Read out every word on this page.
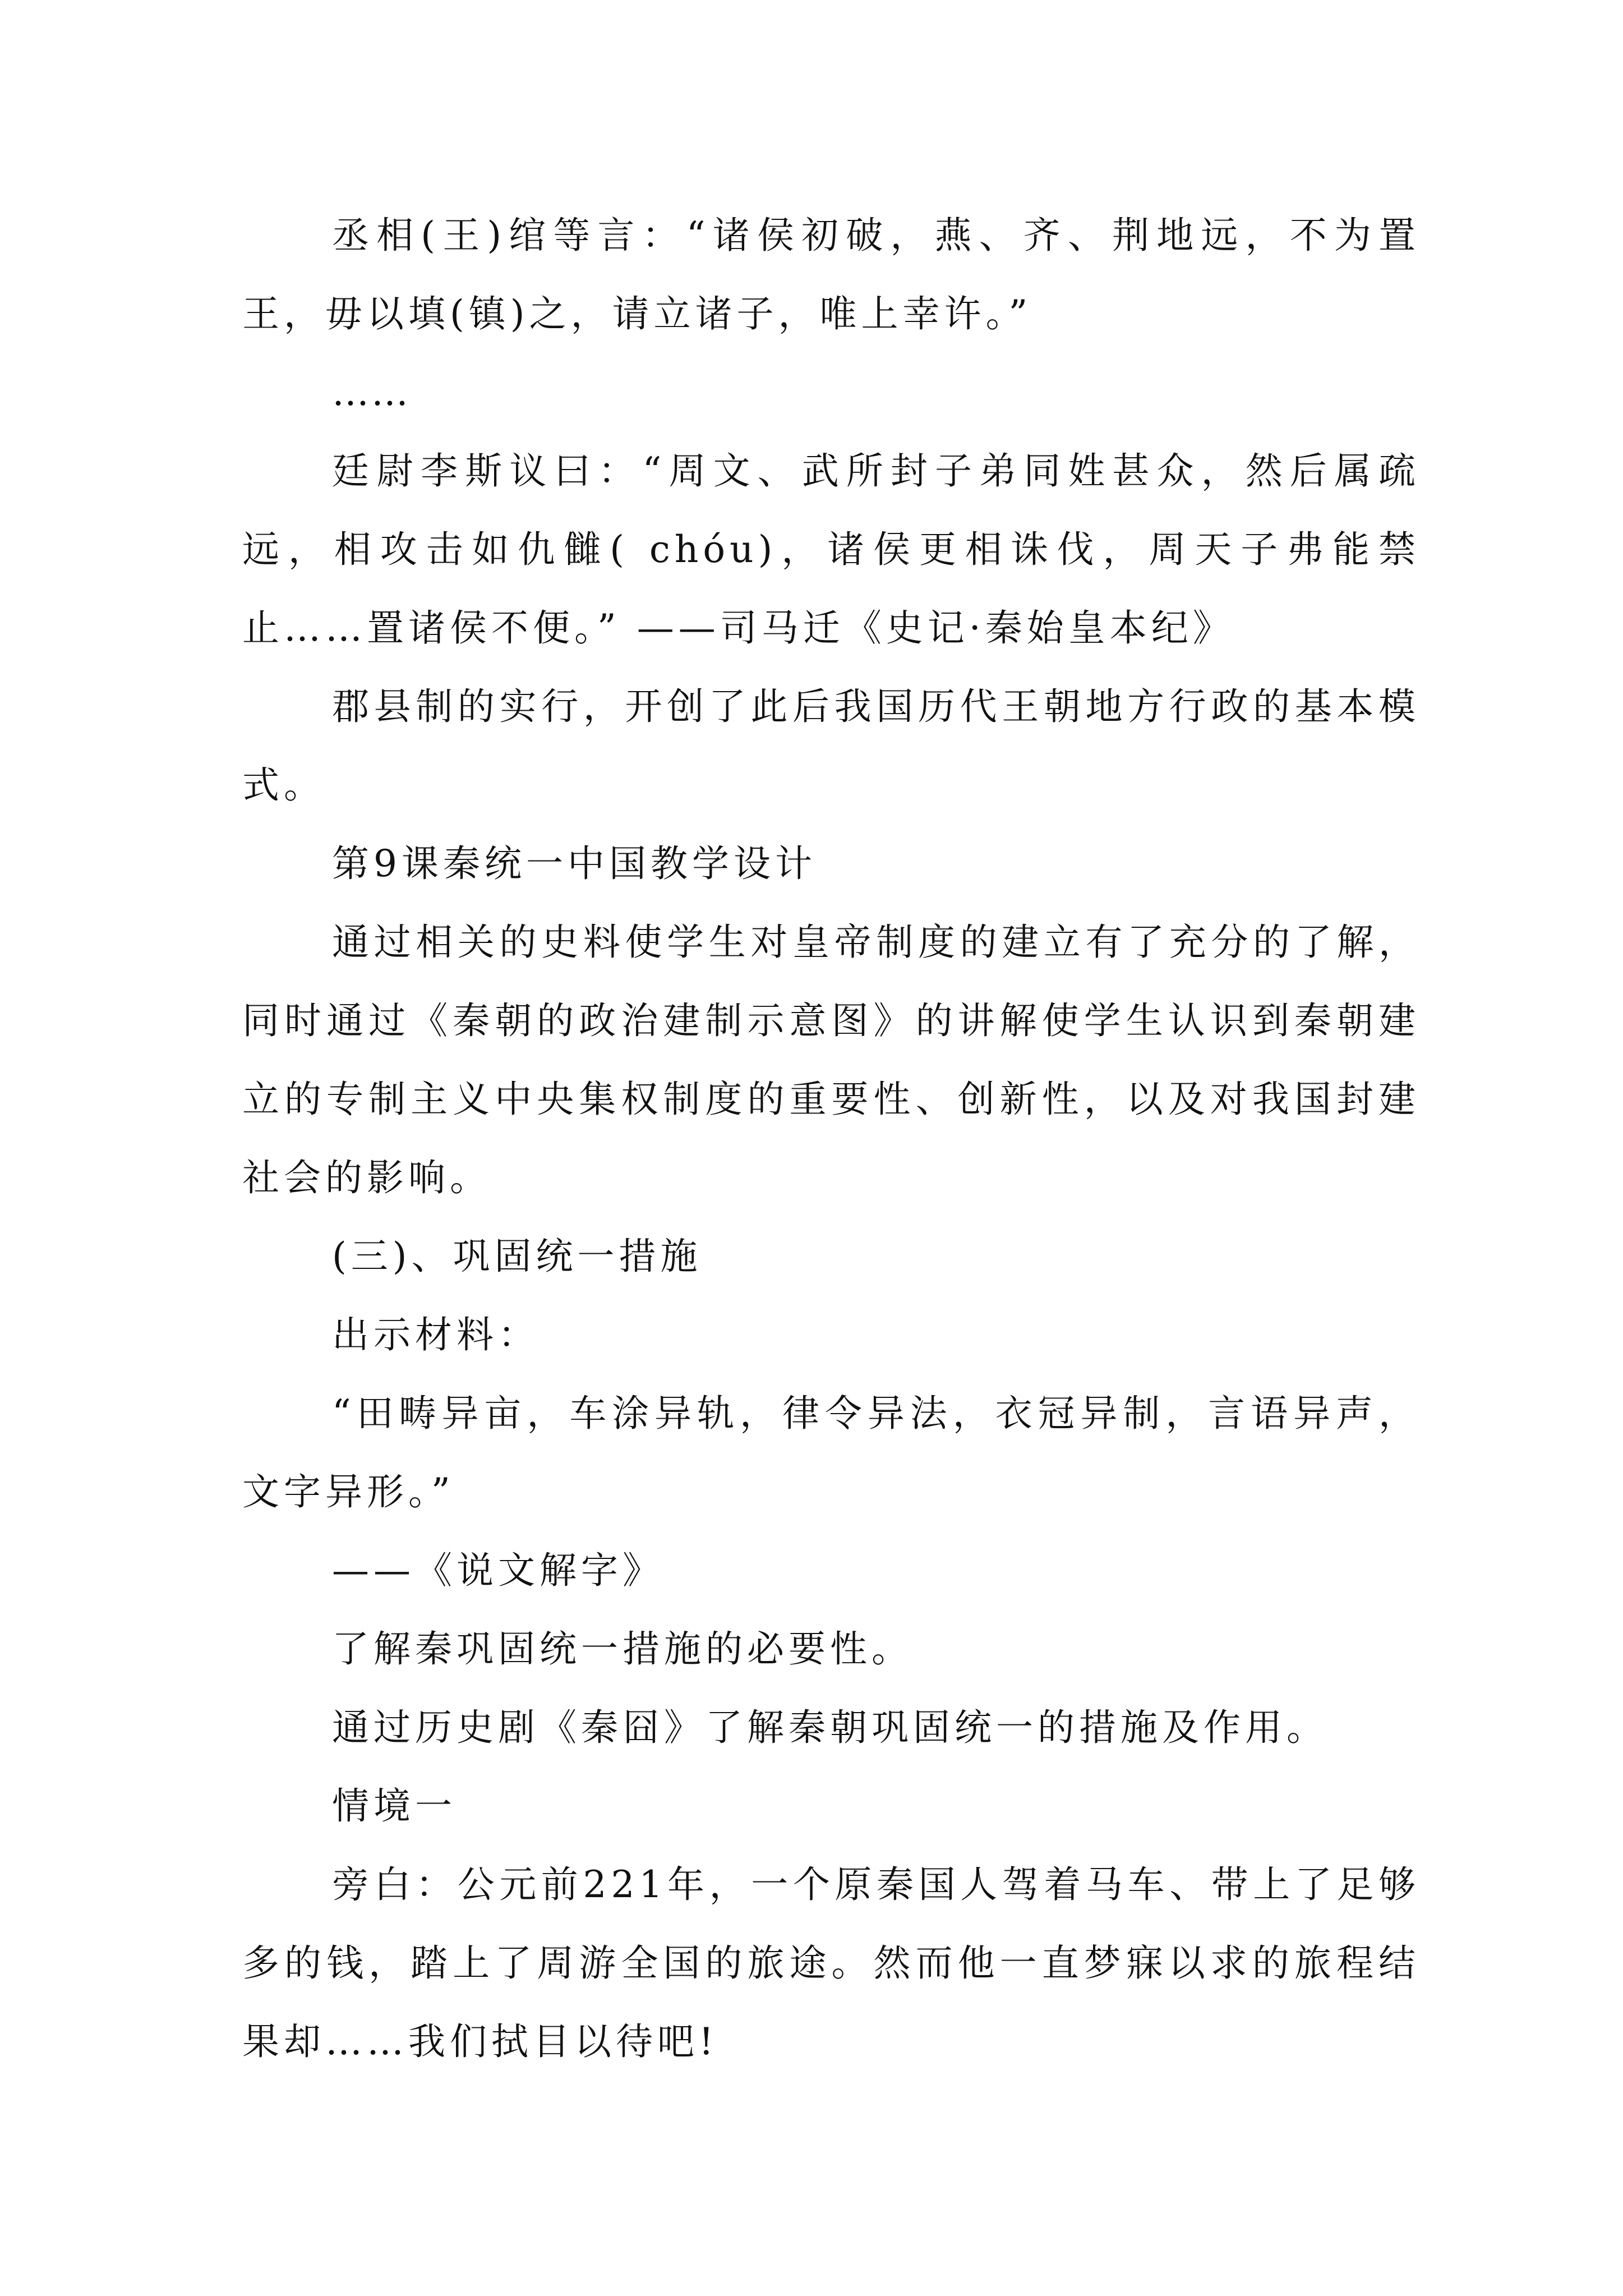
丞相(王)绾等言：“诸侯初破，燕、齐、荆地远，不为置王，毋以填(镇)之，请立诸子，唯上幸许。”

……

廷尉李斯议曰：“周文、武所封子弟同姓甚众，然后属疏远，相攻击如仇雠( chóu)，诸侯更相诛伐，周天子弗能禁止……置诸侯不便。” ——司马迁《史记·秦始皇本纪》

郡县制的实行，开创了此后我国历代王朝地方行政的基本模式。

第9课秦统一中国教学设计

通过相关的史料使学生对皇帝制度的建立有了充分的了解，同时通过《秦朝的政治建制示意图》的讲解使学生认识到秦朝建立的专制主义中央集权制度的重要性、创新性，以及对我国封建社会的影响。

(三)、巩固统一措施

出示材料：

“田畴异亩，车涂异轨，律令异法，衣冠异制，言语异声，文字异形。”

——《说文解字》

了解秦巩固统一措施的必要性。

通过历史剧《秦囧》了解秦朝巩固统一的措施及作用。

情境一

旁白：公元前221年，一个原秦国人驾着马车、带上了足够多的钱，踏上了周游全国的旅途。然而他一直梦寐以求的旅程结果却……我们拭目以待吧!
